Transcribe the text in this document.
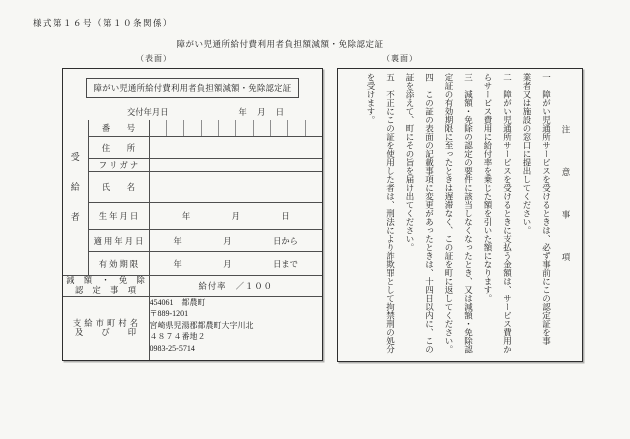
様式第１６号（第１０条関係）
障がい児通所給付費利用者負担額減額・免除認定証
（表面）	（裏面）
障がい児通所給付費利用者負担額減額・免除認定証
交付年月日	年　月　日
受給者	番　　号	

	住　　所	
	フ リ ガ ナ	
	氏　　名	
	生 年 月 日	年　　　　　月　　　　　日
	適 用 年 月 日	年　　　　　月　　　　　日から
	有 効 期 限	年　　　　　月　　　　　日まで

減　額　・　免　除
認　定　事　項		給付率　／１００

支 給 市 町 村 名
及　　び　　印

454061　都農町
〒889-1201
宮崎県児湯郡都農町大字川北
４８７４番地２
0983-25-5714
注意事項
一　障がい児通所サービスを受けるときは、必ず事前にこの認定証を事
業者又は施設の窓口に提出してください。
二　障がい児通所サービスを受けるときに支払う金額は、サービス費用か
らサービス費用に給付率を乗じた額を引いた額になります。
三　減額・免除の認定の要件に該当しなくなったとき、又は減額・免除認
定証の有効期限に至ったときは遅滞なく、この証を町に返してください。
四　この証の表面の記載事項に変更があったときは、十四日以内に、この
証を添えて、町にその旨を届け出てください。
五　不正にこの証を使用した者は、刑法により詐欺罪として拘禁刑の処分
を受けます。
